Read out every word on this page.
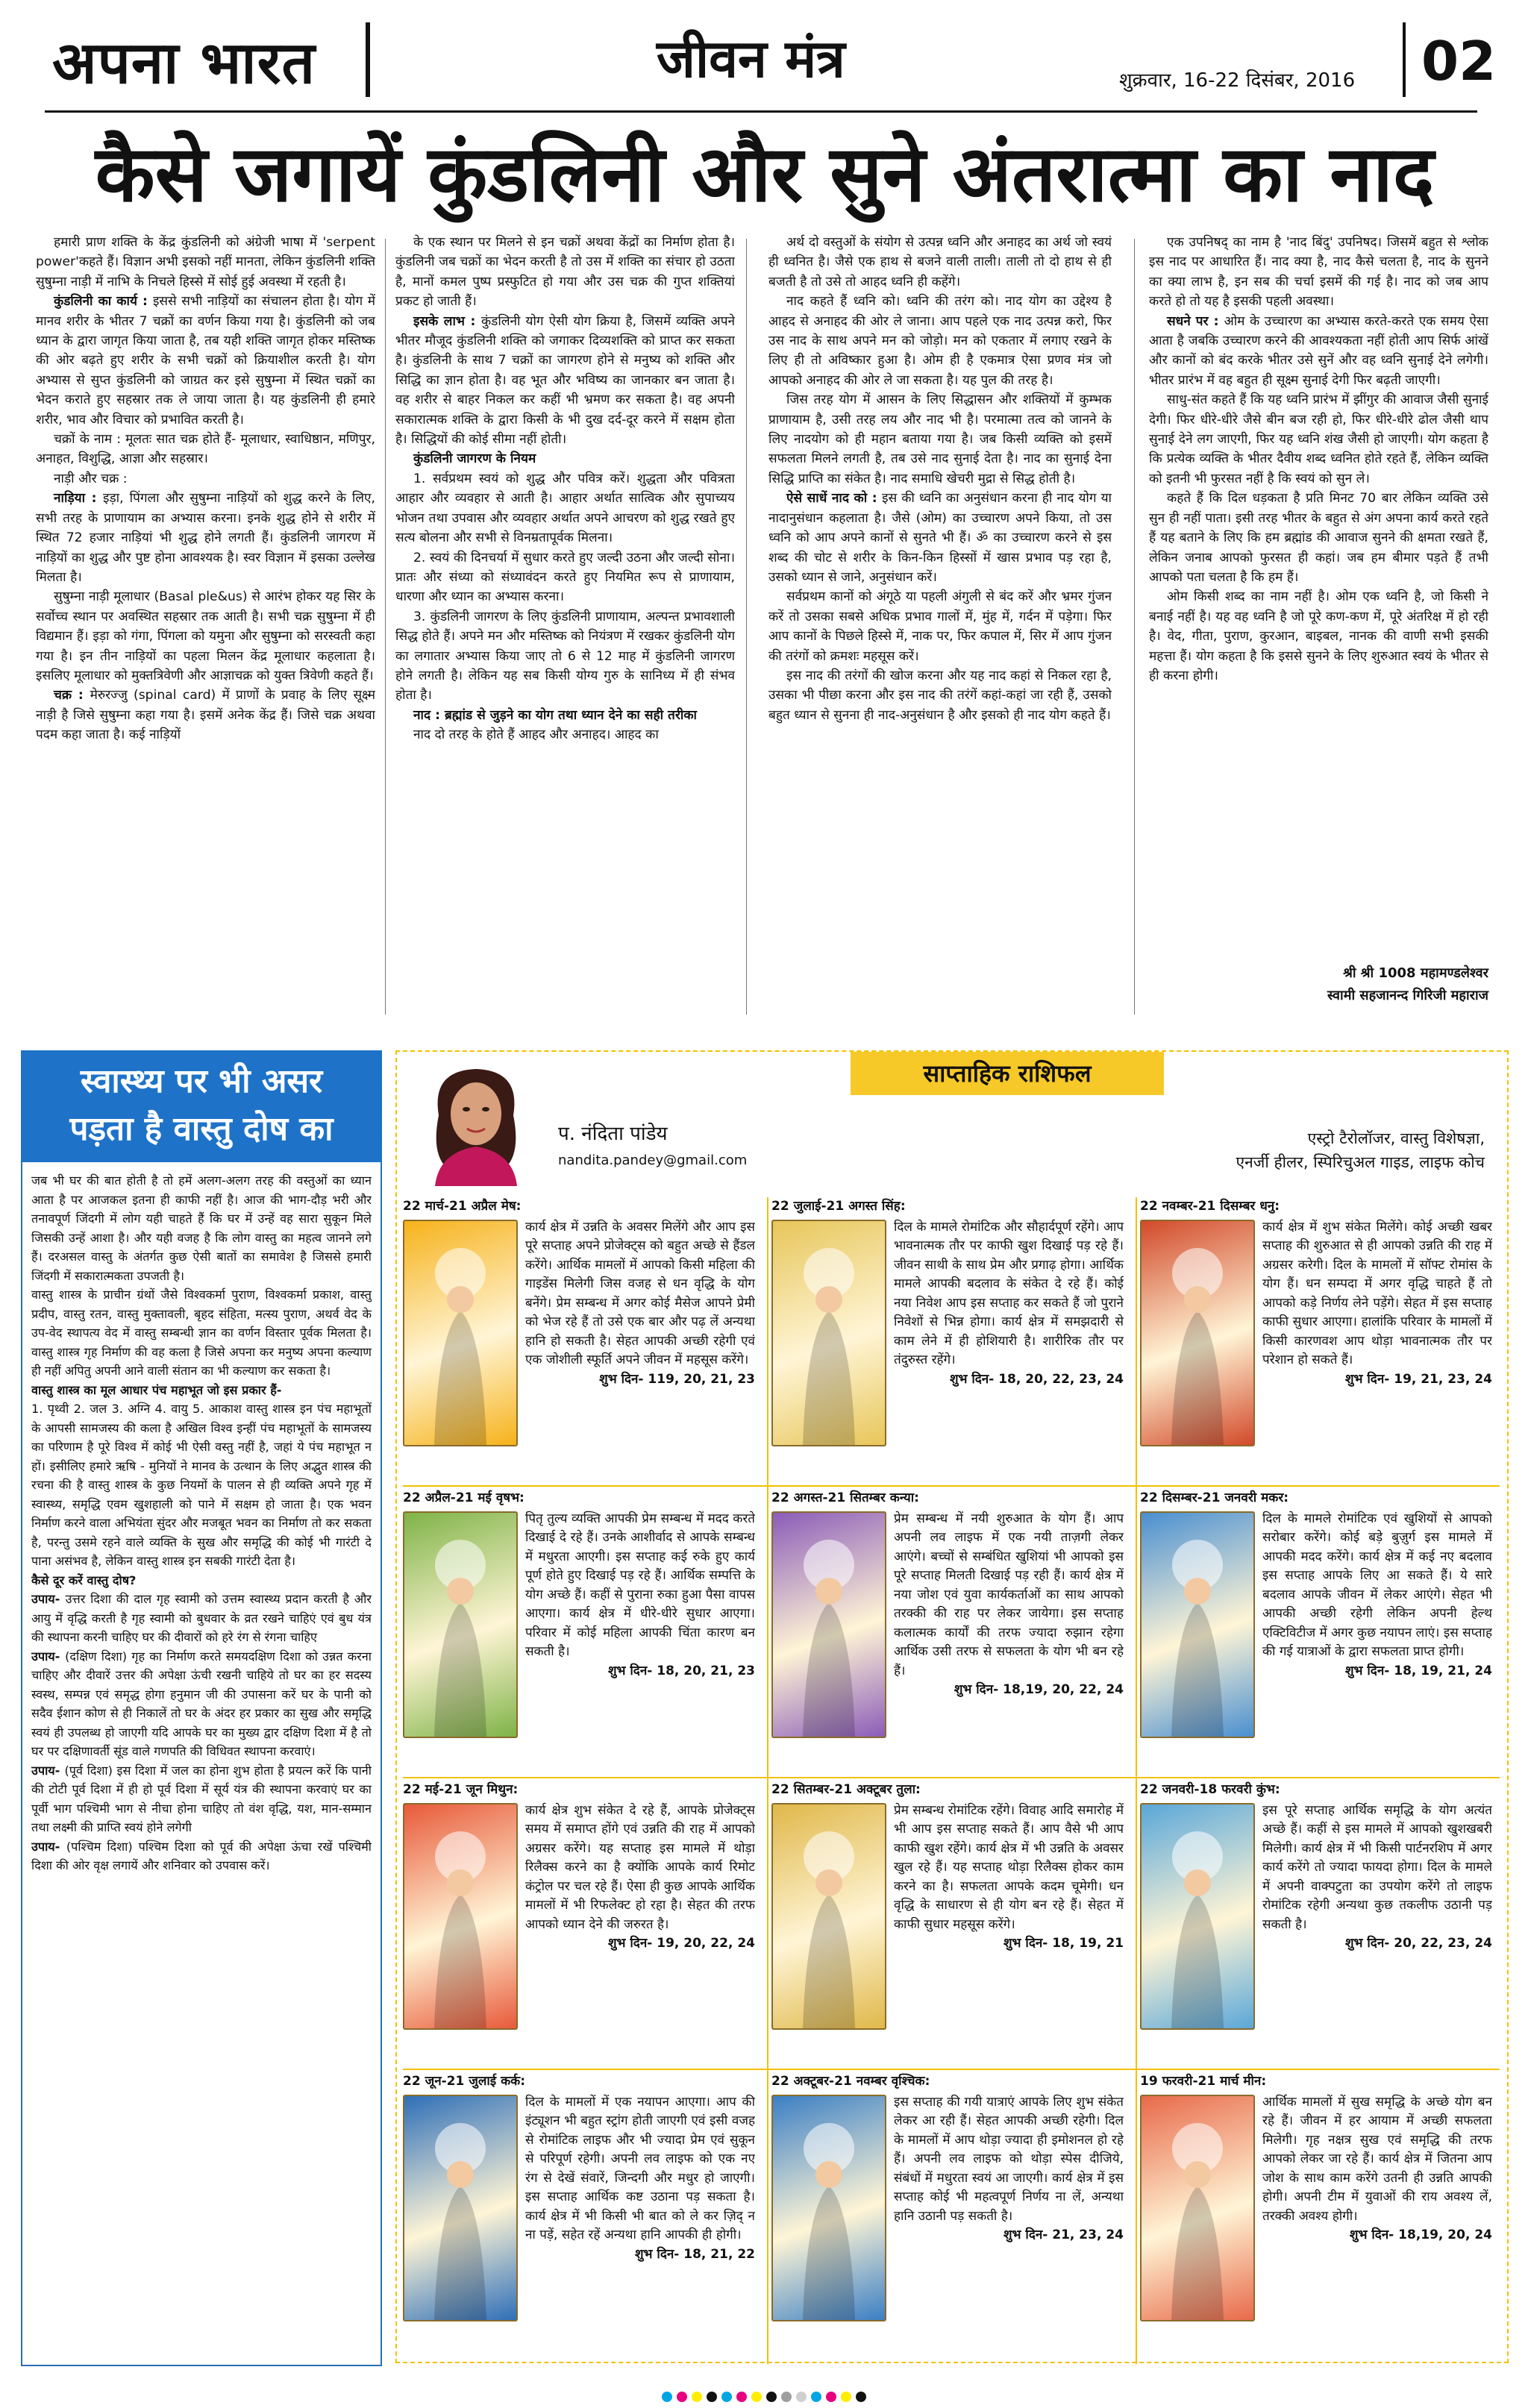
अपना भारत	जीवन मंत्र	शुक्रवार, 16-22 दिसंबर, 2016 02
कैसे जगायें कुंडलिनी और सुने अंतरात्मा का नाद

हमारी प्राण शक्ति के केंद्र कुंडलिनी को अंग्रेजी भाषा में 'serpent power'कहते हैं। विज्ञान अभी इसको नहीं मानता, लेकिन कुंडलिनी शक्ति सुषुम्ना नाड़ी में नाभि के निचले हिस्से में सोई हुई अवस्था में रहती है।

कुंडलिनी का कार्य : इससे सभी नाड़ियों का संचालन होता है। योग में मानव शरीर के भीतर 7 चक्रों का वर्णन किया गया है। कुंडलिनी को जब ध्यान के द्वारा जागृत किया जाता है, तब यही शक्ति जागृत होकर मस्तिष्क की ओर बढ़ते हुए शरीर के सभी चक्रों को क्रियाशील करती है। योग अभ्यास से सुप्त कुंडलिनी को जाग्रत कर इसे सुषुम्ना में स्थित चक्रों का भेदन कराते हुए सहस्रार तक ले जाया जाता है। यह कुंडलिनी ही हमारे शरीर, भाव और विचार को प्रभावित करती है।

चक्रों के नाम : मूलतः सात चक्र होते हैं- मूलाधार, स्वाधिष्ठान, मणिपुर, अनाहत, विशुद्धि, आज्ञा और सहस्रार।

नाड़ी और चक्र :

नाड़िया : इड़ा, पिंगला और सुषुम्ना नाड़ियों को शुद्ध करने के लिए, सभी तरह के प्राणायाम का अभ्यास करना। इनके शुद्ध होने से शरीर में स्थित 72 हजार नाड़ियां भी शुद्ध होने लगती हैं। कुंडलिनी जागरण में नाड़ियों का शुद्ध और पुष्ट होना आवश्यक है। स्वर विज्ञान में इसका उल्लेख मिलता है।

सुषुम्ना नाड़ी मूलाधार (Basal ple&us) से आरंभ होकर यह सिर के सर्वोच्च स्थान पर अवस्थित सहस्रार तक आती है। सभी चक्र सुषुम्ना में ही विद्यमान हैं। इड़ा को गंगा, पिंगला को यमुना और सुषुम्ना को सरस्वती कहा गया है। इन तीन नाड़ियों का पहला मिलन केंद्र मूलाधार कहलाता है। इसलिए मूलाधार को मुक्तत्रिवेणी और आज्ञाचक्र को युक्त त्रिवेणी कहते हैं।

चक्र : मेरुरज्जु (spinal card) में प्राणों के प्रवाह के लिए सूक्ष्म नाड़ी है जिसे सुषुम्ना कहा गया है। इसमें अनेक केंद्र हैं। जिसे चक्र अथवा पदम कहा जाता है। कई नाड़ियों

के एक स्थान पर मिलने से इन चक्रों अथवा केंद्रों का निर्माण होता है। कुंडलिनी जब चक्रों का भेदन करती है तो उस में शक्ति का संचार हो उठता है, मानों कमल पुष्प प्रस्फुटित हो गया और उस चक्र की गुप्त शक्तियां प्रकट हो जाती हैं।

इसके लाभ : कुंडलिनी योग ऐसी योग क्रिया है, जिसमें व्यक्ति अपने भीतर मौजूद कुंडलिनी शक्ति को जगाकर दिव्यशक्ति को प्राप्त कर सकता है। कुंडलिनी के साथ 7 चक्रों का जागरण होने से मनुष्य को शक्ति और सिद्धि का ज्ञान होता है। वह भूत और भविष्य का जानकार बन जाता है। वह शरीर से बाहर निकल कर कहीं भी भ्रमण कर सकता है। वह अपनी सकारात्मक शक्ति के द्वारा किसी के भी दुख दर्द-दूर करने में सक्षम होता है। सिद्धियों की कोई सीमा नहीं होती।

कुंडलिनी जागरण के नियम

1. सर्वप्रथम स्वयं को शुद्ध और पवित्र करें। शुद्धता और पवित्रता आहार और व्यवहार से आती है। आहार अर्थात सात्विक और सुपाच्यय भोजन तथा उपवास और व्यवहार अर्थात अपने आचरण को शुद्ध रखते हुए सत्य बोलना और सभी से विनम्रतापूर्वक मिलना।

2. स्वयं की दिनचर्या में सुधार करते हुए जल्दी उठना और जल्दी सोना। प्रातः और संध्या को संध्यावंदन करते हुए नियमित रूप से प्राणायाम, धारणा और ध्यान का अभ्यास करना।

3. कुंडलिनी जागरण के लिए कुंडलिनी प्राणायाम, अल्पन्त प्रभावशाली सिद्ध होते हैं। अपने मन और मस्तिष्क को नियंत्रण में रखकर कुंडलिनी योग का लगातार अभ्यास किया जाए तो 6 से 12 माह में कुंडलिनी जागरण होने लगती है। लेकिन यह सब किसी योग्य गुरु के सानिध्य में ही संभव होता है।

नाद : ब्रह्मांड से जुड़ने का योग तथा ध्यान देने का सही तरीका

नाद दो तरह के होते हैं आहद और अनाहद। आहद का

अर्थ दो वस्तुओं के संयोग से उत्पन्न ध्वनि और अनाहद का अर्थ जो स्वयं ही ध्वनित है। जैसे एक हाथ से बजने वाली ताली। ताली तो दो हाथ से ही बजती है तो उसे तो आहद ध्वनि ही कहेंगे।

नाद कहते हैं ध्वनि को। ध्वनि की तरंग को। नाद योग का उद्देश्य है आहद से अनाहद की ओर ले जाना। आप पहले एक नाद उत्पन्न करो, फिर उस नाद के साथ अपने मन को जोड़ो। मन को एकतार में लगाए रखने के लिए ही तो अविष्कार हुआ है। ओम ही है एकमात्र ऐसा प्रणव मंत्र जो आपको अनाहद की ओर ले जा सकता है। यह पुल की तरह है।

जिस तरह योग में आसन के लिए सिद्धासन और शक्तियों में कुम्भक प्राणायाम है, उसी तरह लय और नाद भी है। परमात्मा तत्व को जानने के लिए नादयोग को ही महान बताया गया है। जब किसी व्यक्ति को इसमें सफलता मिलने लगती है, तब उसे नाद सुनाई देता है। नाद का सुनाई देना सिद्धि प्राप्ति का संकेत है। नाद समाधि खेचरी मुद्रा से सिद्ध होती है।

ऐसे साधें नाद को : इस की ध्वनि का अनुसंधान करना ही नाद योग या नादानुसंधान कहलाता है। जैसे (ओम) का उच्चारण अपने किया, तो उस ध्वनि को आप अपने कानों से सुनते भी हैं। ॐ का उच्चारण करने से इस शब्द की चोट से शरीर के किन-किन हिस्सों में खास प्रभाव पड़ रहा है, उसको ध्यान से जाने, अनुसंधान करें।

सर्वप्रथम कानों को अंगूठे या पहली अंगुली से बंद करें और भ्रमर गुंजन करें तो उसका सबसे अधिक प्रभाव गालों में, मुंह में, गर्दन में पड़ेगा। फिर आप कानों के पिछले हिस्से में, नाक पर, फिर कपाल में, सिर में आप गुंजन की तरंगों को क्रमशः महसूस करें।

इस नाद की तरंगों की खोज करना और यह नाद कहां से निकल रहा है, उसका भी पीछा करना और इस नाद की तरंगें कहां-कहां जा रही हैं, उसको बहुत ध्यान से सुनना ही नाद-अनुसंधान है और इसको ही नाद योग कहते हैं।

एक उपनिषद् का नाम है 'नाद बिंदु' उपनिषद। जिसमें बहुत से श्लोक इस नाद पर आधारित हैं। नाद क्या है, नाद कैसे चलता है, नाद के सुनने का क्या लाभ है, इन सब की चर्चा इसमें की गई है। नाद को जब आप करते हो तो यह है इसकी पहली अवस्था।

सधने पर : ओम के उच्चारण का अभ्यास करते-करते एक समय ऐसा आता है जबकि उच्चारण करने की आवश्यकता नहीं होती आप सिर्फ आंखें और कानों को बंद करके भीतर उसे सुनें और वह ध्वनि सुनाई देने लगेगी। भीतर प्रारंभ में वह बहुत ही सूक्ष्म सुनाई देगी फिर बढ़ती जाएगी।

साधु-संत कहते हैं कि यह ध्वनि प्रारंभ में झींगुर की आवाज जैसी सुनाई देगी। फिर धीरे-धीरे जैसे बीन बज रही हो, फिर धीरे-धीरे ढोल जैसी थाप सुनाई देने लग जाएगी, फिर यह ध्वनि शंख जैसी हो जाएगी। योग कहता है कि प्रत्येक व्यक्ति के भीतर दैवीय शब्द ध्वनित होते रहते हैं, लेकिन व्यक्ति को इतनी भी फुरसत नहीं है कि स्वयं को सुन ले।

कहते हैं कि दिल धड़कता है प्रति मिनट 70 बार लेकिन व्यक्ति उसे सुन ही नहीं पाता। इसी तरह भीतर के बहुत से अंग अपना कार्य करते रहते हैं यह बताने के लिए कि हम ब्रह्मांड की आवाज सुनने की क्षमता रखते हैं, लेकिन जनाब आपको फुरसत ही कहां। जब हम बीमार पड़ते हैं तभी आपको पता चलता है कि हम हैं।

ओम किसी शब्द का नाम नहीं है। ओम एक ध्वनि है, जो किसी ने बनाई नहीं है। यह वह ध्वनि है जो पूरे कण-कण में, पूरे अंतरिक्ष में हो रही है। वेद, गीता, पुराण, कुरआन, बाइबल, नानक की वाणी सभी इसकी महत्ता हैं। योग कहता है कि इससे सुनने के लिए शुरुआत स्वयं के भीतर से ही करना होगी।

श्री श्री 1008 महामण्डलेश्वर
स्वामी सहजानन्द गिरिजी महाराज
स्वास्थ्य पर भी असर
पड़ता है वास्तु दोष का

जब भी घर की बात होती है तो हमें अलग-अलग तरह की वस्तुओं का ध्यान आता है पर आजकल इतना ही काफी नहीं है। आज की भाग-दौड़ भरी और तनावपूर्ण जिंदगी में लोग यही चाहते हैं कि घर में उन्हें वह सारा सुकून मिले जिसकी उन्हें आशा है। और यही वजह है कि लोग वास्तु का महत्व जानने लगे हैं। दरअसल वास्तु के अंतर्गत कुछ ऐसी बातों का समावेश है जिससे हमारी जिंदगी में सकारात्मकता उपजती है।

वास्तु शास्त्र के प्राचीन ग्रंथों जैसे विश्वकर्मा पुराण, विश्वकर्मा प्रकाश, वास्तु प्रदीप, वास्तु रतन, वास्तु मुक्तावली, बृहद संहिता, मत्स्य पुराण, अथर्व वेद के उप-वेद स्थापत्य वेद में वास्तु सम्बन्धी ज्ञान का वर्णन विस्तार पूर्वक मिलता है। वास्तु शास्त्र गृह निर्माण की वह कला है जिसे अपना कर मनुष्य अपना कल्याण ही नहीं अपितु अपनी आने वाली संतान का भी कल्याण कर सकता है।

वास्तु शास्त्र का मूल आधार पंच महाभूत जो इस प्रकार हैं-

1. पृथ्वी 2. जल 3. अग्नि 4. वायु 5. आकाश वास्तु शास्त्र इन पंच महाभूतों के आपसी सामजस्य की कला है अखिल विश्व इन्हीं पंच महाभूतों के सामजस्य का परिणाम है पूरे विश्व में कोई भी ऐसी वस्तु नहीं है, जहां ये पंच महाभूत न हों। इसीलिए हमारे ऋषि - मुनियों ने मानव के उत्थान के लिए अद्भुत शास्त्र की रचना की है वास्तु शास्त्र के कुछ नियमों के पालन से ही व्यक्ति अपने गृह में स्वास्थ्य, समृद्धि एवम खुशहाली को पाने में सक्षम हो जाता है। एक भवन निर्माण करने वाला अभियंता सुंदर और मजबूत भवन का निर्माण तो कर सकता है, परन्तु उसमे रहने वाले व्यक्ति के सुख और समृद्धि की कोई भी गारंटी दे पाना असंभव है, लेकिन वास्तु शास्त्र इन सबकी गारंटी देता है।

कैसे दूर करें वास्तु दोष?

उपाय- उत्तर दिशा की दाल गृह स्वामी को उत्तम स्वास्थ्य प्रदान करती है और आयु में वृद्धि करती है गृह स्वामी को बुधवार के व्रत रखने चाहिएं एवं बुध यंत्र की स्थापना करनी चाहिए घर की दीवारों को हरे रंग से रंगना चाहिए

उपाय- (दक्षिण दिशा) गृह का निर्माण करते समयदक्षिण दिशा को उन्नत करना चाहिए और दीवारें उत्तर की अपेक्षा ऊंची रखनी चाहिये तो घर का हर सदस्य स्वस्थ, सम्पन्न एवं समृद्ध होगा हनुमान जी की उपासना करें घर के पानी को सदैव ईशान कोण से ही निकालें तो घर के अंदर हर प्रकार का सुख और समृद्धि स्वयं ही उपलब्ध हो जाएगी यदि आपके घर का मुख्य द्वार दक्षिण दिशा में है तो घर पर दक्षिणावर्ती सूंड वाले गणपति की विधिवत स्थापना करवाएं।

उपाय- (पूर्व दिशा) इस दिशा में जल का होना शुभ होता है प्रयत्न करें कि पानी की टोटी पूर्व दिशा में ही हो पूर्व दिशा में सूर्य यंत्र की स्थापना करवाएं घर का पूर्वी भाग पश्चिमी भाग से नीचा होना चाहिए तो वंश वृद्धि, यश, मान-सम्मान तथा लक्ष्मी की प्राप्ति स्वयं होने लगेगी

उपाय- (पश्चिम दिशा) पश्चिम दिशा को पूर्व की अपेक्षा ऊंचा रखें पश्चिमी दिशा की ओर वृक्ष लगायें और शनिवार को उपवास करें।

साप्ताहिक राशिफल
प. नंदिता पांडेय
nandita.pandey@gmail.com
एस्ट्रो टैरोलॉजर, वास्तु विशेषज्ञा,
एनर्जी हीलर, स्पिरिचुअल गाइड, लाइफ कोच
22 मार्च-21 अप्रैल मेष:
कार्य क्षेत्र में उन्नति के अवसर मिलेंगे और आप इस पूरे सप्ताह अपने प्रोजेक्ट्स को बहुत अच्छे से हैंडल करेंगे। आर्थिक मामलों में आपको किसी महिला की गाइडेंस मिलेगी जिस वजह से धन वृद्धि के योग बनेंगे। प्रेम सम्बन्ध में अगर कोई मैसेज आपने प्रेमी को भेज रहे हैं तो उसे एक बार और पढ़ लें अन्यथा हानि हो सकती है। सेहत आपकी अच्छी रहेगी एवं एक जोशीली स्फूर्ति अपने जीवन में महसूस करेंगे।
शुभ दिन- 119, 20, 21, 23
22 जुलाई-21 अगस्त सिंह:
दिल के मामले रोमांटिक और सौहार्दपूर्ण रहेंगे। आप भावनात्मक तौर पर काफी खुश दिखाई पड़ रहे हैं। जीवन साथी के साथ प्रेम और प्रगाढ़ होगा। आर्थिक मामले आपकी बदलाव के संकेत दे रहे हैं। कोई नया निवेश आप इस सप्ताह कर सकते हैं जो पुराने निवेशों से भिन्न होगा। कार्य क्षेत्र में समझदारी से काम लेने में ही होशियारी है। शारीरिक तौर पर तंदुरुस्त रहेंगे।
शुभ दिन- 18, 20, 22, 23, 24
22 नवम्बर-21 दिसम्बर धनु:
कार्य क्षेत्र में शुभ संकेत मिलेंगे। कोई अच्छी खबर सप्ताह की शुरुआत से ही आपको उन्नति की राह में अग्रसर करेगी। दिल के मामलों में सॉफ्ट रोमांस के योग हैं। धन सम्पदा में अगर वृद्धि चाहते हैं तो आपको कड़े निर्णय लेने पड़ेंगे। सेहत में इस सप्ताह काफी सुधार आएगा। हालांकि परिवार के मामलों में किसी कारणवश आप थोड़ा भावनात्मक तौर पर परेशान हो सकते हैं।
शुभ दिन- 19, 21, 23, 24
22 अप्रैल-21 मई वृषभ:
पितृ तुल्य व्यक्ति आपकी प्रेम सम्बन्ध में मदद करते दिखाई दे रहे हैं। उनके आशीर्वाद से आपके सम्बन्ध में मधुरता आएगी। इस सप्ताह कई रुके हुए कार्य पूर्ण होते हुए दिखाई पड़ रहे हैं। आर्थिक सम्पत्ति के योग अच्छे हैं। कहीं से पुराना रुका हुआ पैसा वापस आएगा। कार्य क्षेत्र में धीरे-धीरे सुधार आएगा। परिवार में कोई महिला आपकी चिंता कारण बन सकती है।
शुभ दिन- 18, 20, 21, 23
22 अगस्त-21 सितम्बर कन्या:
प्रेम सम्बन्ध में नयी शुरुआत के योग हैं। आप अपनी लव लाइफ में एक नयी ताज़गी लेकर आएंगे। बच्चों से सम्बंधित खुशियां भी आपको इस पूरे सप्ताह मिलती दिखाई पड़ रही हैं। कार्य क्षेत्र में नया जोश एवं युवा कार्यकर्ताओं का साथ आपको तरक्की की राह पर लेकर जायेगा। इस सप्ताह कलात्मक कार्यों की तरफ ज्यादा रुझान रहेगा आर्थिक उसी तरफ से सफलता के योग भी बन रहे हैं।
शुभ दिन- 18,19, 20, 22, 24
22 दिसम्बर-21 जनवरी मकर:
दिल के मामले रोमांटिक एवं खुशियों से आपको सरोबार करेंगे। कोई बड़े बुज़ुर्ग इस मामले में आपकी मदद करेंगे। कार्य क्षेत्र में कई नए बदलाव इस सप्ताह आपके लिए आ सकते हैं। ये सारे बदलाव आपके जीवन में लेकर आएंगे। सेहत भी आपकी अच्छी रहेगी लेकिन अपनी हेल्थ एक्टिविटीज में अगर कुछ नयापन लाएं। इस सप्ताह की गई यात्राओं के द्वारा सफलता प्राप्त होगी।
शुभ दिन- 18, 19, 21, 24
22 मई-21 जून मिथुन:
कार्य क्षेत्र शुभ संकेत दे रहे हैं, आपके प्रोजेक्ट्स समय में समाप्त होंगे एवं उन्नति की राह में आपको अग्रसर करेंगे। यह सप्ताह इस मामले में थोड़ा रिलैक्स करने का है क्योंकि आपके कार्य रिमोट कंट्रोल पर चल रहे हैं। ऐसा ही कुछ आपके आर्थिक मामलों में भी रिफलेक्ट हो रहा है। सेहत की तरफ आपको ध्यान देने की जरुरत है।
शुभ दिन- 19, 20, 22, 24
22 सितम्बर-21 अक्टूबर तुला:
प्रेम सम्बन्ध रोमांटिक रहेंगे। विवाह आदि समारोह में भी आप इस सप्ताह सकते हैं। आप वैसे भी आप काफी खुश रहेंगे। कार्य क्षेत्र में भी उन्नति के अवसर खुल रहे हैं। यह सप्ताह थोड़ा रिलैक्स होकर काम करने का है। सफलता आपके कदम चूमेगी। धन वृद्धि के साधारण से ही योग बन रहे हैं। सेहत में काफी सुधार महसूस करेंगे।
शुभ दिन- 18, 19, 21
22 जनवरी-18 फरवरी कुंभ:
इस पूरे सप्ताह आर्थिक समृद्धि के योग अत्यंत अच्छे हैं। कहीं से इस मामले में आपको खुशखबरी मिलेगी। कार्य क्षेत्र में भी किसी पार्टनरशिप में अगर कार्य करेंगे तो ज्यादा फायदा होगा। दिल के मामले में अपनी वाक्पटुता का उपयोग करेंगे तो लाइफ रोमांटिक रहेगी अन्यथा कुछ तकलीफ उठानी पड़ सकती है।
शुभ दिन- 20, 22, 23, 24
22 जून-21 जुलाई कर्क:
दिल के मामलों में एक नयापन आएगा। आप की इंट्यूशन भी बहुत स्ट्रांग होती जाएगी एवं इसी वजह से रोमांटिक लाइफ और भी ज्यादा प्रेम एवं सुकून से परिपूर्ण रहेगी। अपनी लव लाइफ को एक नए रंग से देखें संवारें, जिन्दगी और मधुर हो जाएगी। इस सप्ताह आर्थिक कष्ट उठाना पड़ सकता है। कार्य क्षेत्र में भी किसी भी बात को ले कर ज़िद् न ना पड़ें, सहेत रहें अन्यथा हानि आपकी ही होगी।
शुभ दिन- 18, 21, 22
22 अक्टूबर-21 नवम्बर वृश्चिक:
इस सप्ताह की गयी यात्राएं आपके लिए शुभ संकेत लेकर आ रही हैं। सेहत आपकी अच्छी रहेगी। दिल के मामलों में आप थोड़ा ज्यादा ही इमोशनल हो रहे हैं। अपनी लव लाइफ को थोड़ा स्पेस दीजिये, संबंधों में मधुरता स्वयं आ जाएगी। कार्य क्षेत्र में इस सप्ताह कोई भी महत्वपूर्ण निर्णय ना लें, अन्यथा हानि उठानी पड़ सकती है।
शुभ दिन- 21, 23, 24
19 फरवरी-21 मार्च मीन:
आर्थिक मामलों में सुख समृद्धि के अच्छे योग बन रहे हैं। जीवन में हर आयाम में अच्छी सफलता मिलेगी। गृह नक्षत्र सुख एवं समृद्धि की तरफ आपको लेकर जा रहे हैं। कार्य क्षेत्र में जितना आप जोश के साथ काम करेंगे उतनी ही उन्नति आपकी होगी। अपनी टीम में युवाओं की राय अवश्य लें, तरक्की अवश्य होगी।
शुभ दिन- 18,19, 20, 24
